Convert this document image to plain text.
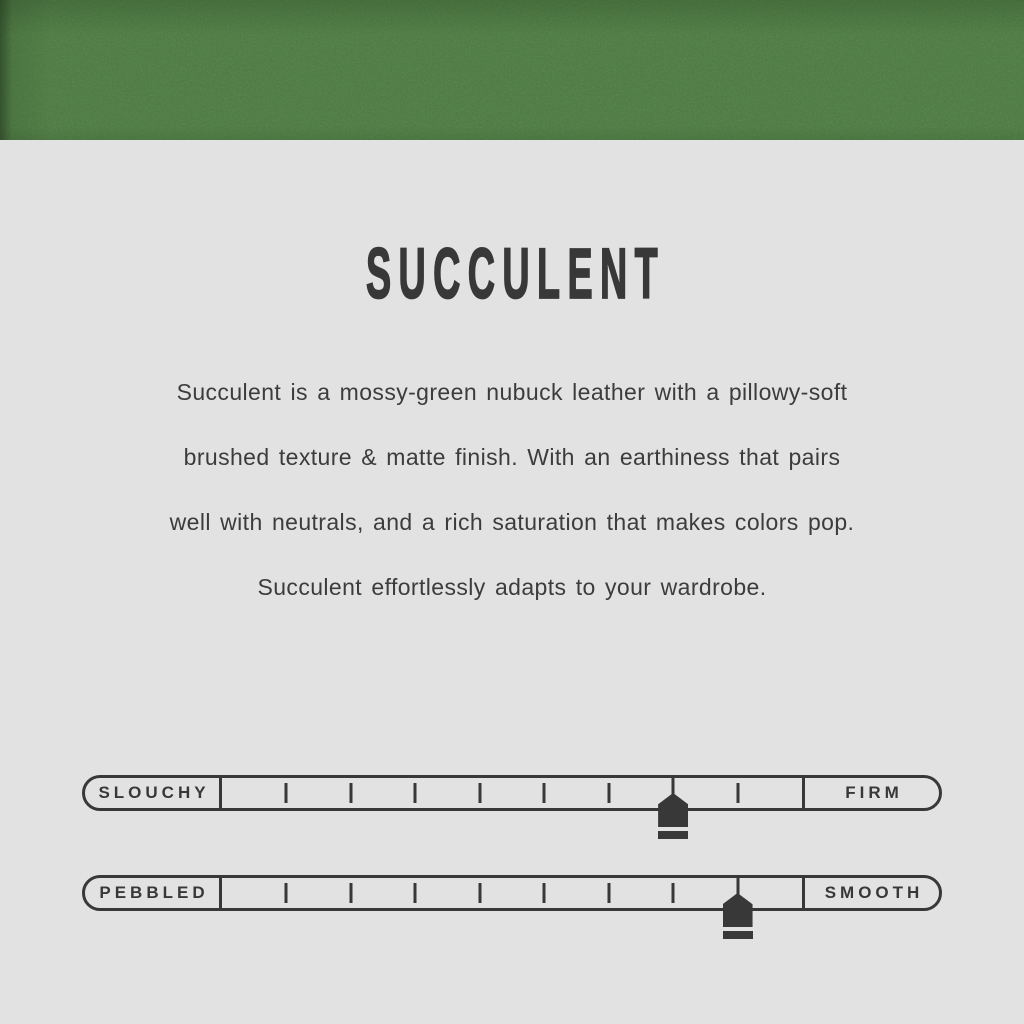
SUCCULENT
Succulent is a mossy-green nubuck leather with a pillowy-soft
brushed texture & matte finish. With an earthiness that pairs
well with neutrals, and a rich saturation that makes colors pop.
Succulent effortlessly adapts to your wardrobe.
SLOUCHY	FIRM
PEBBLED	SMOOTH
